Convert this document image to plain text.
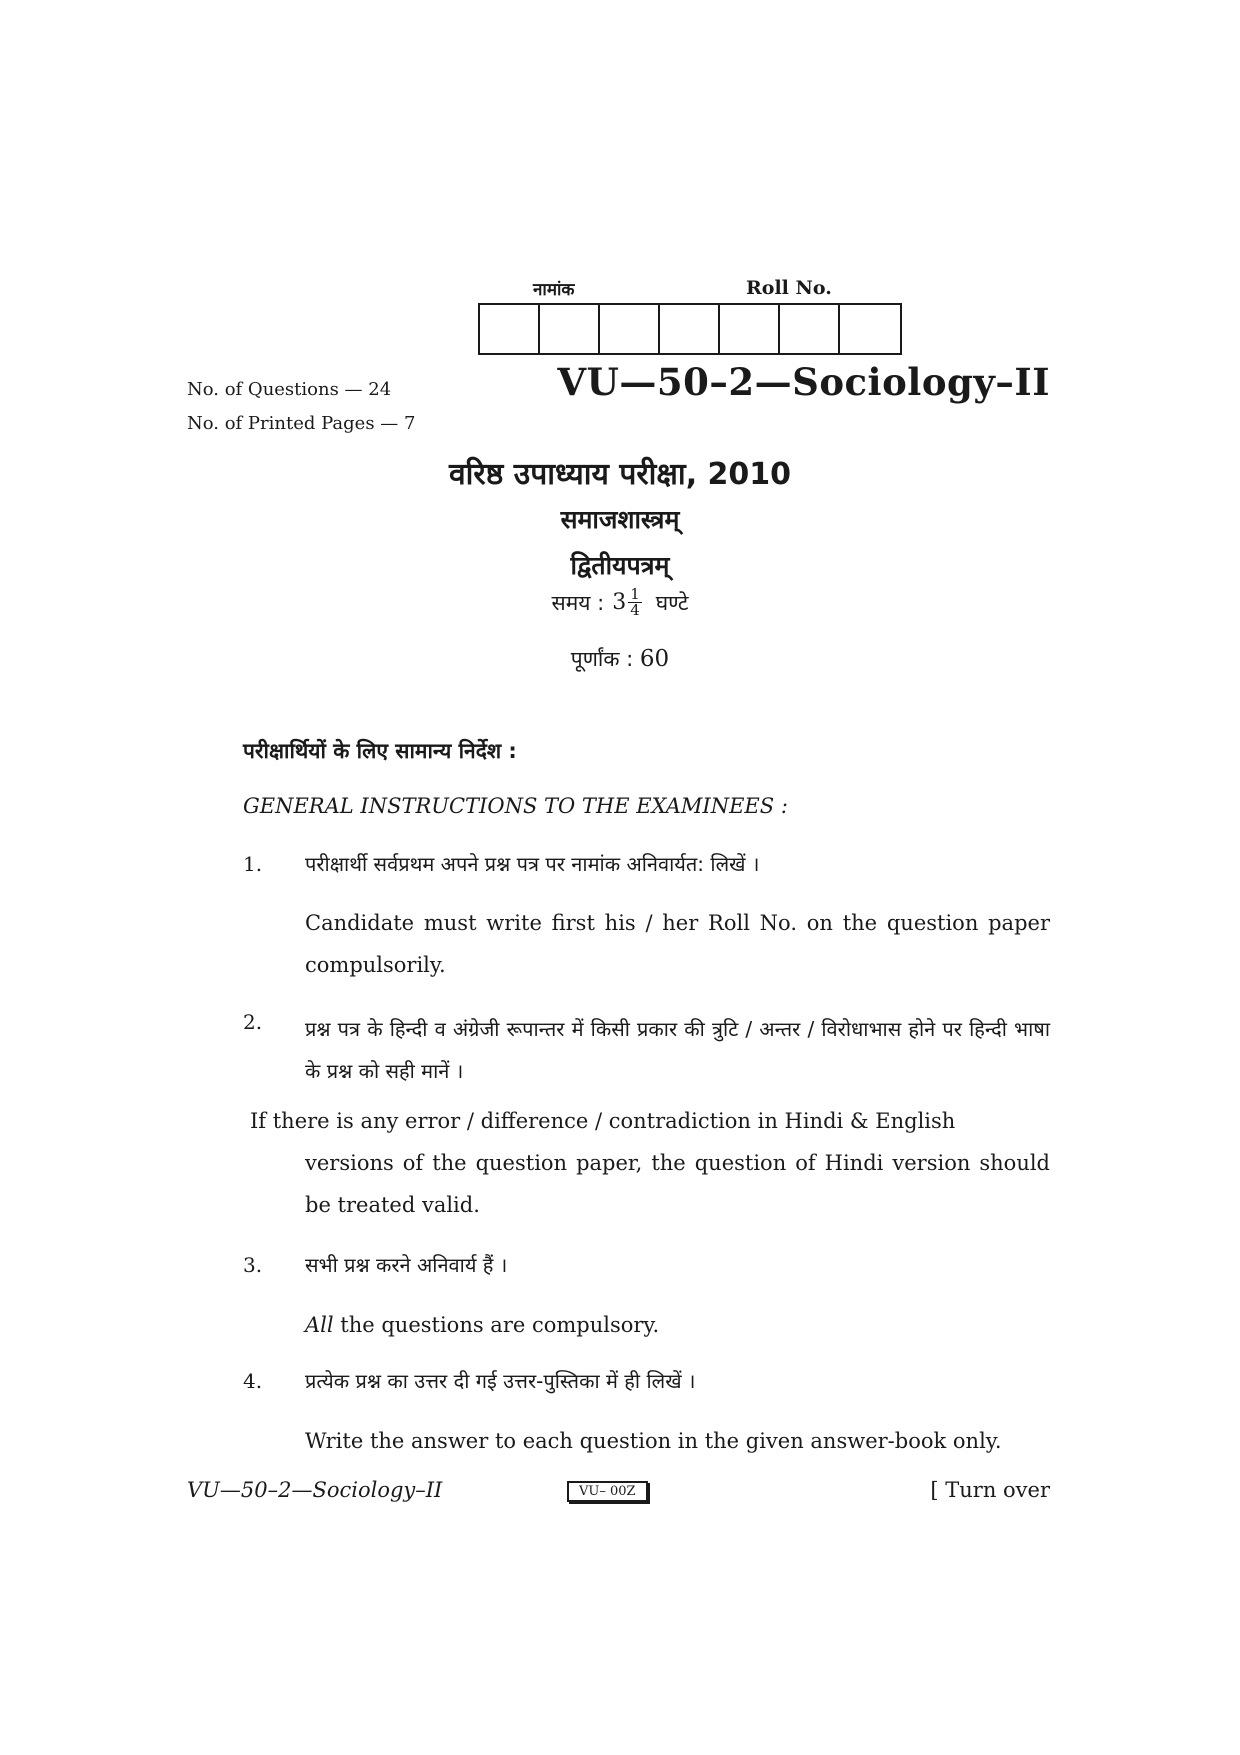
नामांक	Roll No.
No. of Questions — 24
No. of Printed Pages — 7
VU—50–2—Sociology–II
वरिष्ठ उपाध्याय परीक्षा, 2010
समाजशास्त्रम्
द्वितीयपत्रम्
समय : $3 \frac{1}{4}$ घण्टे
पूर्णांक : 60
परीक्षार्थियों के लिए सामान्य निर्देश :
GENERAL INSTRUCTIONS TO THE EXAMINEES :
1. परीक्षार्थी सर्वप्रथम अपने प्रश्न पत्र पर नामांक अनिवार्यत: लिखें ।
Candidate must write first his / her Roll No. on the question paper compulsorily.
2. प्रश्न पत्र के हिन्दी व अंग्रेजी रूपान्तर में किसी प्रकार की त्रुटि / अन्तर / विरोधाभास होने पर हिन्दी भाषा के प्रश्न को सही मानें ।
If there is any error / difference / contradiction in Hindi & English
versions of the question paper, the question of Hindi version should be treated valid.
3. सभी प्रश्न करने अनिवार्य हैं ।
All the questions are compulsory.
4. प्रत्येक प्रश्न का उत्तर दी गई उत्तर-पुस्तिका में ही लिखें ।
Write the answer to each question in the given answer-book only.
VU—50–2—Sociology–II	VU– 00Z	[ Turn over
